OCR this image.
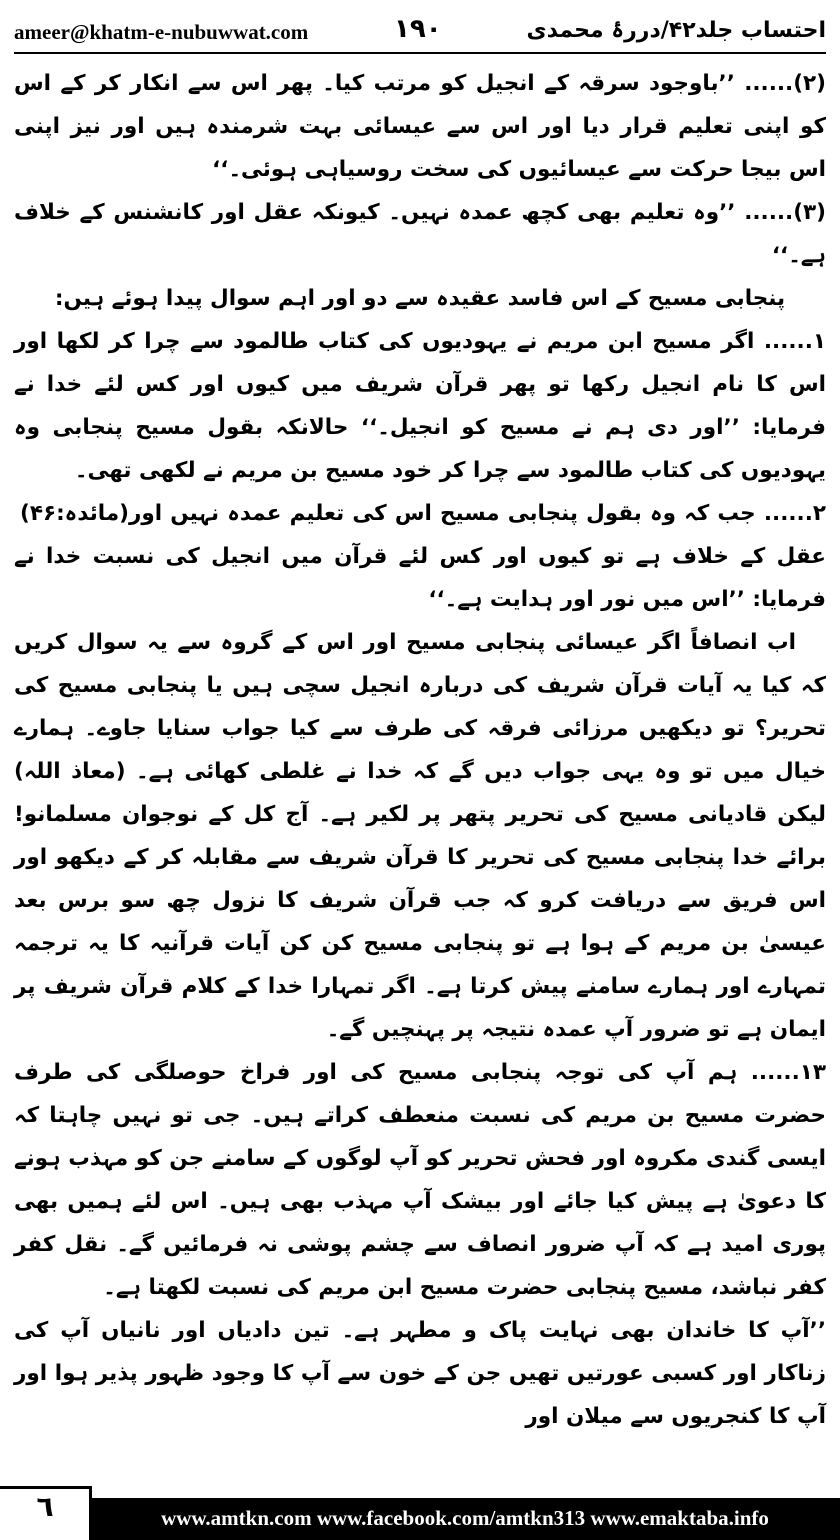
ameer@khatm-e-nubuwwat.com	۱۹۰	احتساب جلد۴۲/دررۂ محمدی

(۲)...... ’’باوجود سرقہ کے انجیل کو مرتب کیا۔ پھر اس سے انکار کر کے اس کو اپنی تعلیم قرار دیا اور اس سے عیسائی بہت شرمندہ ہیں اور نیز اپنی اس بیجا حرکت سے عیسائیوں کی سخت روسیاہی ہوئی۔‘‘

(۳)...... ’’وہ تعلیم بھی کچھ عمدہ نہیں۔ کیونکہ عقل اور کانشنس کے خلاف ہے۔‘‘

پنجابی مسیح کے اس فاسد عقیدہ سے دو اور اہم سوال پیدا ہوئے ہیں:

۱...... اگر مسیح ابن مریم نے یہودیوں کی کتاب طالمود سے چرا کر لکھا اور اس کا نام انجیل رکھا تو پھر قرآن شریف میں کیوں اور کس لئے خدا نے فرمایا: ’’اور دی ہم نے مسیح کو انجیل۔‘‘ حالانکہ بقول مسیح پنجابی وہ یہودیوں کی کتاب طالمود سے چرا کر خود مسیح بن مریم نے لکھی تھی۔

(مائدہ:۴۶) ۲...... جب کہ وہ بقول پنجابی مسیح اس کی تعلیم عمدہ نہیں اور عقل کے خلاف ہے تو کیوں اور کس لئے قرآن میں انجیل کی نسبت خدا نے فرمایا: ’’اس میں نور اور ہدایت ہے۔‘‘

اب انصافاً اگر عیسائی پنجابی مسیح اور اس کے گروہ سے یہ سوال کریں کہ کیا یہ آیات قرآن شریف کی دربارہ انجیل سچی ہیں یا پنجابی مسیح کی تحریر؟ تو دیکھیں مرزائی فرقہ کی طرف سے کیا جواب سنایا جاوے۔ ہمارے خیال میں تو وہ یہی جواب دیں گے کہ خدا نے غلطی کھائی ہے۔ (معاذ اللہ) لیکن قادیانی مسیح کی تحریر پتھر پر لکیر ہے۔ آج کل کے نوجوان مسلمانو! برائے خدا پنجابی مسیح کی تحریر کا قرآن شریف سے مقابلہ کر کے دیکھو اور اس فریق سے دریافت کرو کہ جب قرآن شریف کا نزول چھ سو برس بعد عیسیٰ بن مریم کے ہوا ہے تو پنجابی مسیح کن کن آیات قرآنیہ کا یہ ترجمہ تمہارے اور ہمارے سامنے پیش کرتا ہے۔ اگر تمہارا خدا کے کلام قرآن شریف پر ایمان ہے تو ضرور آپ عمدہ نتیجہ پر پہنچیں گے۔

۱۳...... ہم آپ کی توجہ پنجابی مسیح کی اور فراخ حوصلگی کی طرف حضرت مسیح بن مریم کی نسبت منعطف کراتے ہیں۔ جی تو نہیں چاہتا کہ ایسی گندی مکروہ اور فحش تحریر کو آپ لوگوں کے سامنے جن کو مہذب ہونے کا دعویٰ ہے پیش کیا جائے اور بیشک آپ مہذب بھی ہیں۔ اس لئے ہمیں بھی پوری امید ہے کہ آپ ضرور انصاف سے چشم پوشی نہ فرمائیں گے۔ نقل کفر کفر نباشد، مسیح پنجابی حضرت مسیح ابن مریم کی نسبت لکھتا ہے۔

’’آپ کا خاندان بھی نہایت پاک و مطہر ہے۔ تین دادیاں اور نانیاں آپ کی زناکار اور کسبی عورتیں تھیں جن کے خون سے آپ کا وجود ظہور پذیر ہوا اور آپ کا کنجریوں سے میلان اور

٦	www.amtkn.com www.facebook.com/amtkn313 www.emaktaba.info
